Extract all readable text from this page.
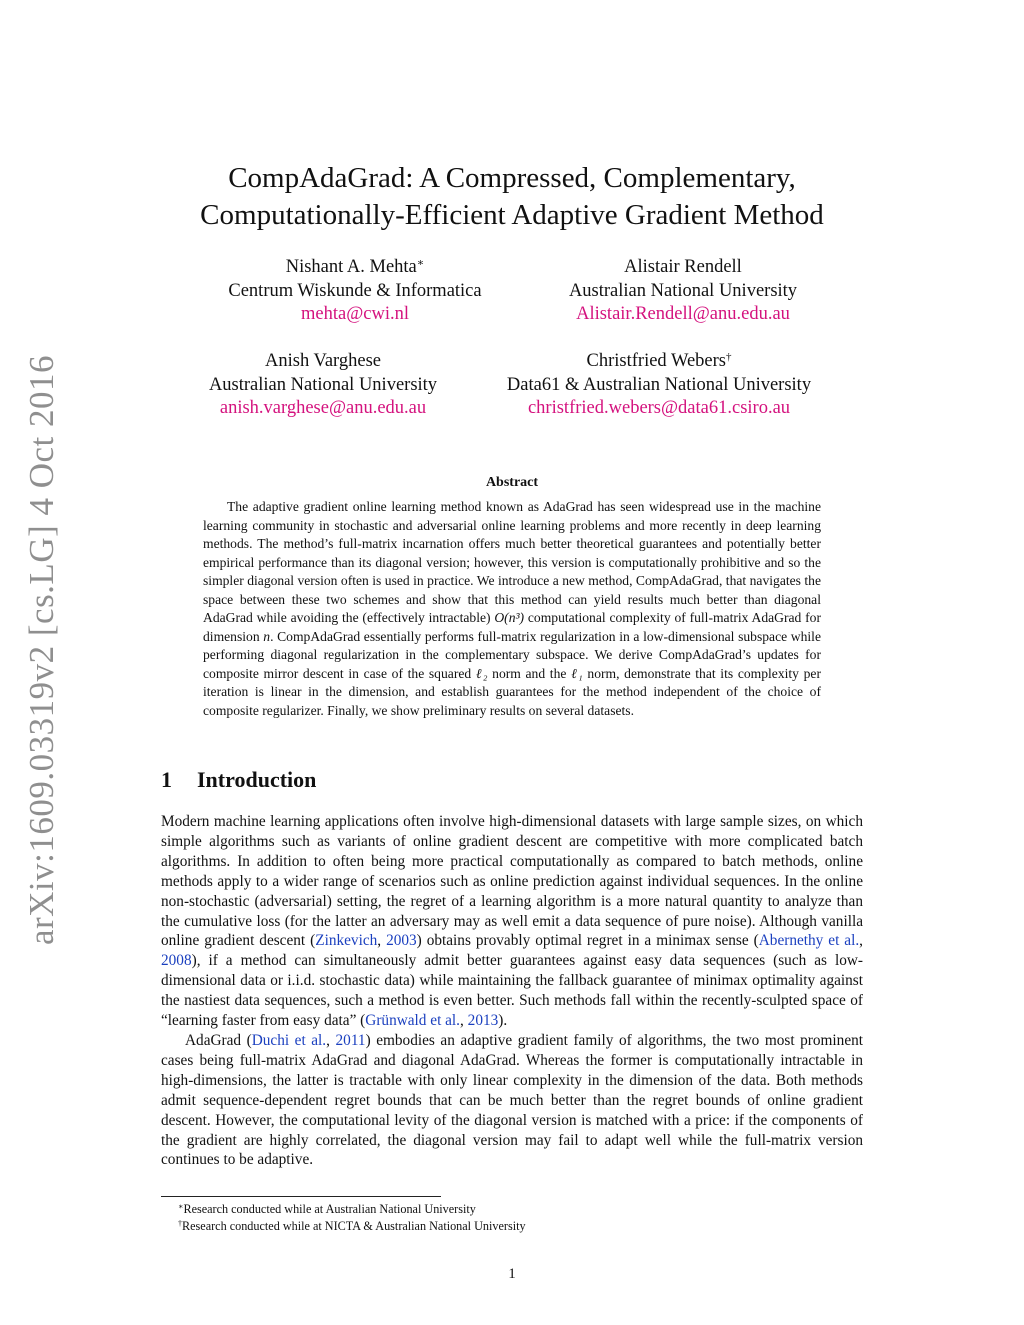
arXiv:1609.03319v2 [cs.LG] 4 Oct 2016
CompAdaGrad: A Compressed, Complementary,
Computationally-Efficient Adaptive Gradient Method
Nishant A. Mehta∗
Centrum Wiskunde & Informatica
mehta@cwi.nl
Alistair Rendell
Australian National University
Alistair.Rendell@anu.edu.au
Anish Varghese
Australian National University
anish.varghese@anu.edu.au
Christfried Webers†
Data61 & Australian National University
christfried.webers@data61.csiro.au
Abstract
The adaptive gradient online learning method known as AdaGrad has seen widespread use in the machine learning community in stochastic and adversarial online learning problems and more recently in deep learning methods. The method’s full-matrix incarnation offers much better theoretical guarantees and potentially better empirical performance than its diagonal version; however, this version is computationally prohibitive and so the simpler diagonal version often is used in practice. We introduce a new method, CompAdaGrad, that navigates the space between these two schemes and show that this method can yield results much better than diagonal AdaGrad while avoiding the (effectively intractable) O(n³) computational complexity of full-matrix AdaGrad for dimension n. CompAdaGrad essentially performs full-matrix regularization in a low-dimensional subspace while performing diagonal regularization in the complementary subspace. We derive CompAdaGrad’s updates for composite mirror descent in case of the squared ℓ₂ norm and the ℓ₁ norm, demonstrate that its complexity per iteration is linear in the dimension, and establish guarantees for the method independent of the choice of composite regularizer. Finally, we show preliminary results on several datasets.
1 Introduction

Modern machine learning applications often involve high-dimensional datasets with large sample sizes, on which simple algorithms such as variants of online gradient descent are competitive with more complicated batch algorithms. In addition to often being more practical computationally as compared to batch methods, online methods apply to a wider range of scenarios such as online prediction against individual sequences. In the online non-stochastic (adversarial) setting, the regret of a learning algorithm is a more natural quantity to analyze than the cumulative loss (for the latter an adversary may as well emit a data sequence of pure noise). Although vanilla online gradient descent (Zinkevich, 2003) obtains provably optimal regret in a minimax sense (Abernethy et al., 2008), if a method can simultaneously admit better guarantees against easy data sequences (such as low-dimensional data or i.i.d. stochastic data) while maintaining the fallback guarantee of minimax optimality against the nastiest data sequences, such a method is even better. Such methods fall within the recently-sculpted space of “learning faster from easy data” (Grünwald et al., 2013).

AdaGrad (Duchi et al., 2011) embodies an adaptive gradient family of algorithms, the two most prominent cases being full-matrix AdaGrad and diagonal AdaGrad. Whereas the former is computationally intractable in high-dimensions, the latter is tractable with only linear complexity in the dimension of the data. Both methods admit sequence-dependent regret bounds that can be much better than the regret bounds of online gradient descent. However, the computational levity of the diagonal version is matched with a price: if the components of the gradient are highly correlated, the diagonal version may fail to adapt well while the full-matrix version continues to be adaptive.

∗Research conducted while at Australian National University
†Research conducted while at NICTA & Australian National University
1
